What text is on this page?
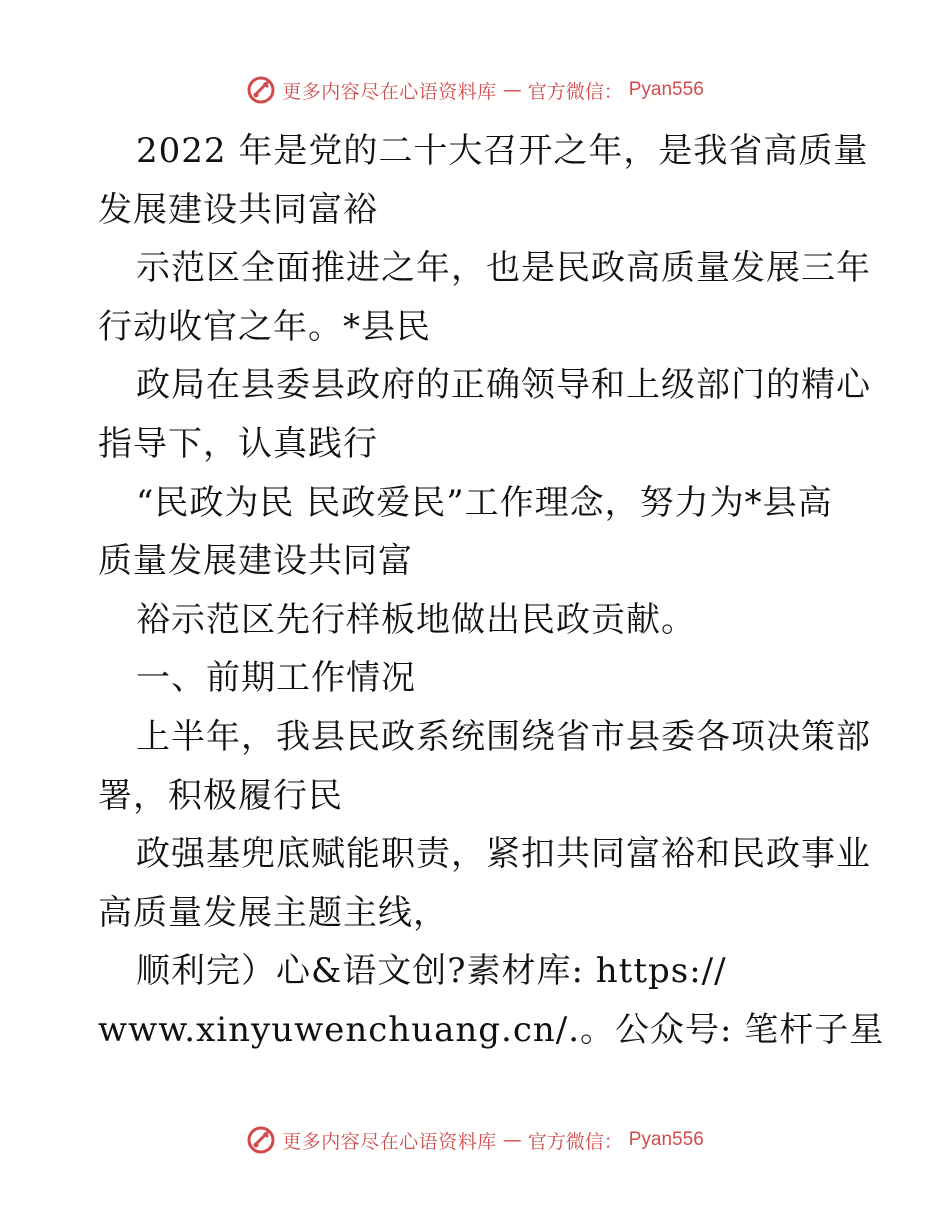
更多内容尽在心语资料库 — 官方微信： Pyan556
2022 年是党的二十大召开之年，是我省高质量
发展建设共同富裕
示范区全面推进之年，也是民政高质量发展三年
行动收官之年。*县民
政局在县委县政府的正确领导和上级部门的精心
指导下，认真践行
“民政为民 民政爱民”工作理念，努力为*县高
质量发展建设共同富
裕示范区先行样板地做出民政贡献。
一、前期工作情况
上半年，我县民政系统围绕省市县委各项决策部
署，积极履行民
政强基兜底赋能职责，紧扣共同富裕和民政事业
高质量发展主题主线，
顺利完）心&语文创?素材库: https://
www.xinyuwenchuang.cn/.。公众号: 笔杆子星
更多内容尽在心语资料库 — 官方微信： Pyan556
